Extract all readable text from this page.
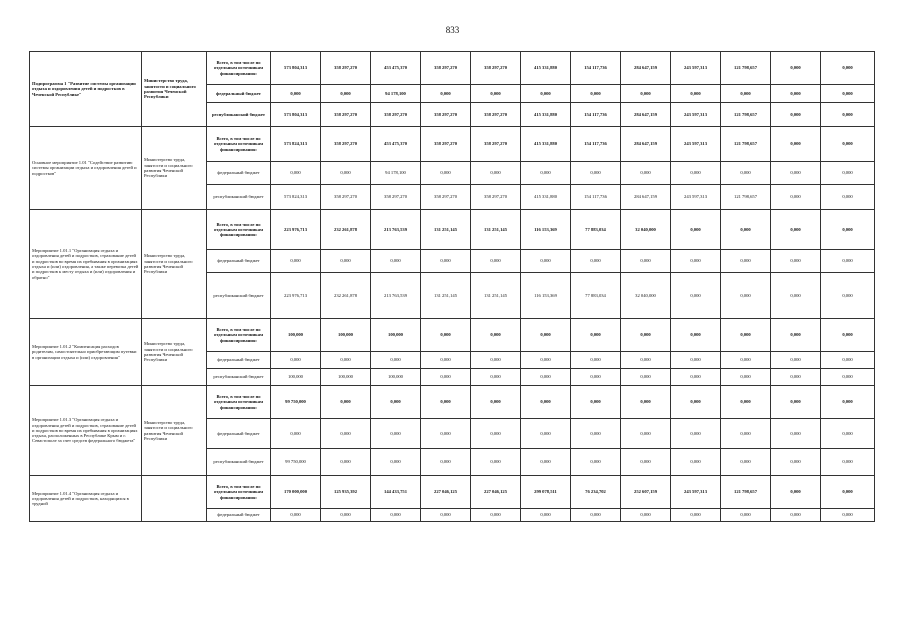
833
Подпрограмма 1 "Развитие системы организации отдыха и оздоровления детей и подростков в Чеченской Республике"	Министерство труда, занятости и социального развития Чеченской Республики	Всего, в том числе по отдельным источникам финансирования:	573 804,313	358 297,270	453 475,370	358 297,270	358 297,270	415 331,880	154 117,736	284 647,159	243 597,313	121 798,657	0,000	0,000
		федеральный бюджет	0,000	0,000	94 178,100	0,000	0,000	0,000	0,000	0,000	0,000	0,000	0,000	0,000
		республиканский бюджет	573 804,313	358 297,270	358 297,270	358 297,270	358 297,270	415 331,880	154 117,736	284 647,159	243 597,313	121 798,657	0,000	0,000
Основное мероприятие 1.01 "Содействие развитию системы организации отдыха и оздоровления детей и подростков"	Министерство труда, занятости и социального развития Чеченской Республики	Всего, в том числе по отдельным источникам финансирования:	573 824,313	358 297,270	453 475,370	358 297,270	358 297,270	415 331,880	154 117,736	284 647,159	243 597,313	121 798,657	0,000	0,000
		федеральный бюджет	0,000	0,000	94 178,100	0,000	0,000	0,000	0,000	0,000	0,000	0,000	0,000	0,000
		республиканский бюджет	573 824,313	358 297,270	358 297,270	358 297,270	358 297,270	415 331,880	154 117,736	284 647,159	243 597,313	121 798,657	0,000	0,000
Мероприятие 1.01.1 "Организация отдыха и оздоровления детей и подростков, страхование детей и подростков во время их пребывания в организациях отдыха и (или) оздоровления, а также перевозка детей и подростков к месту отдыха и (или) оздоровления и обратно"	Министерство труда, занятости и социального развития Чеченской Республики	Всего, в том числе по отдельным источникам финансирования:	223 976,713	232 261,878	213 763,539	131 251,145	131 251,145	116 153,369	77 883,034	32 040,000	0,000	0,000	0,000	0,000
		федеральный бюджет	0,000	0,000	0,000	0,000	0,000	0,000	0,000	0,000	0,000	0,000	0,000	0,000
		республиканский бюджет	223 976,713	232 261,878	213 763,539	131 251,145	131 251,145	116 153,369	77 883,034	32 040,000	0,000	0,000	0,000	0,000
Мероприятие 1.01.2 "Компенсация расходов родителям, самостоятельно приобретающим путевки в организации отдыха и (или) оздоровления"	Министерство труда, занятости и социального развития Чеченской Республики	Всего, в том числе по отдельным источникам финансирования:	100,000	100,000	100,000	0,000	0,000	0,000	0,000	0,000	0,000	0,000	0,000	0,000
		федеральный бюджет	0,000	0,000	0,000	0,000	0,000	0,000	0,000	0,000	0,000	0,000	0,000	0,000
		республиканский бюджет	100,000	100,000	100,000	0,000	0,000	0,000	0,000	0,000	0,000	0,000	0,000	0,000
Мероприятие 1.01.3 "Организация отдыха и оздоровления детей и подростков, страхование детей и подростков во время их пребывания в организациях отдыха, расположенных в Республике Крым и г. Севастополе за счет средств федерального бюджета"	Министерство труда, занятости и социального развития Чеченской Республики	Всего, в том числе по отдельным источникам финансирования:	99 750,000	0,000	0,000	0,000	0,000	0,000	0,000	0,000	0,000	0,000	0,000	0,000
		федеральный бюджет	0,000	0,000	0,000	0,000	0,000	0,000	0,000	0,000	0,000	0,000	0,000	0,000
		республиканский бюджет	99 750,000	0,000	0,000	0,000	0,000	0,000	0,000	0,000	0,000	0,000	0,000	0,000
Мероприятие 1.01.4 "Организация отдыха и оздоровления детей и подростков, находящихся в трудной		Всего, в том числе по отдельным источникам финансирования:	170 000,000	125 935,392	144 433,751	227 046,125	227 046,125	299 078,511	76 234,702	252 607,159	243 597,313	121 798,657	0,000	0,000
		федеральный бюджет	0,000	0,000	0,000	0,000	0,000	0,000	0,000	0,000	0,000	0,000	0,000	0,000
